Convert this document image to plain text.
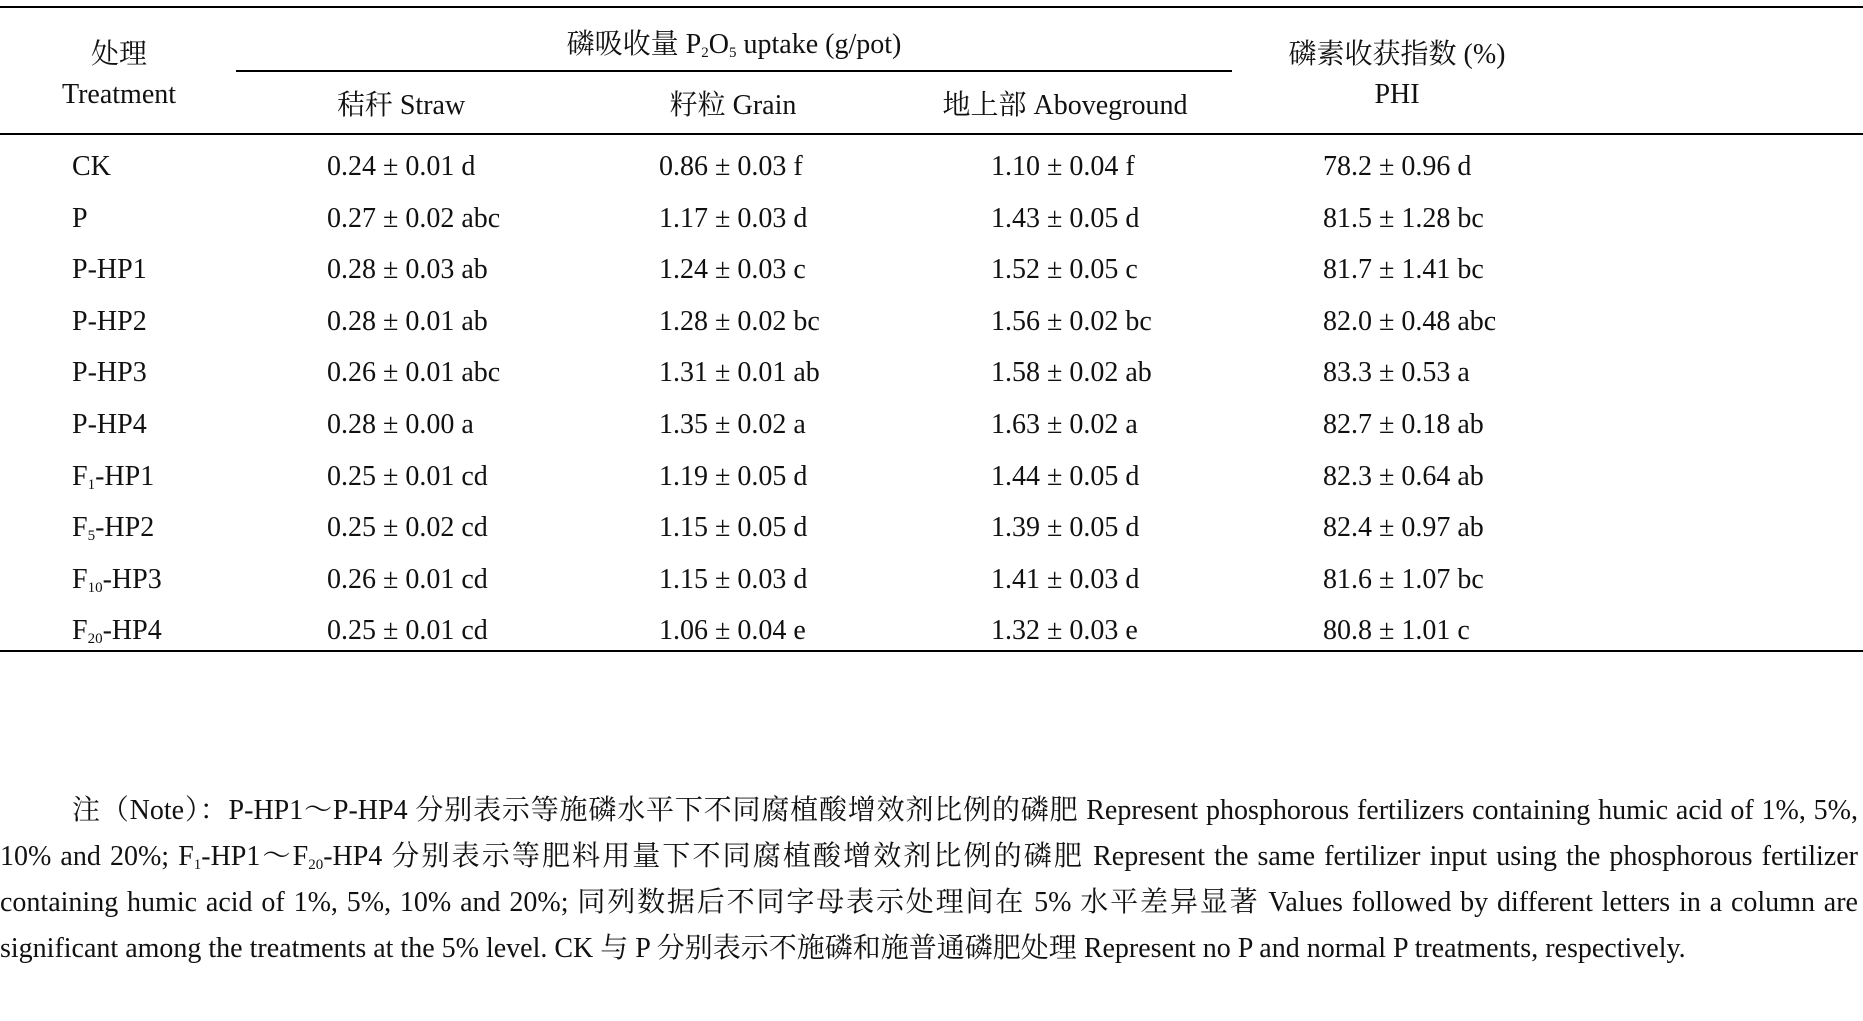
处理
Treatment
磷吸收量 $P_2O_5$ uptake (g/pot)
秸秆 Straw	籽粒 Grain	地上部 Aboveground
磷素收获指数 (%)
PHI
CK	0.24 ± 0.01 d	0.86 ± 0.03 f	1.10 ± 0.04 f	78.2 ± 0.96 d
P	0.27 ± 0.02 abc	1.17 ± 0.03 d	1.43 ± 0.05 d	81.5 ± 1.28 bc
P-HP1	0.28 ± 0.03 ab	1.24 ± 0.03 c	1.52 ± 0.05 c	81.7 ± 1.41 bc
P-HP2	0.28 ± 0.01 ab	1.28 ± 0.02 bc	1.56 ± 0.02 bc	82.0 ± 0.48 abc
P-HP3	0.26 ± 0.01 abc	1.31 ± 0.01 ab	1.58 ± 0.02 ab	83.3 ± 0.53 a
P-HP4	0.28 ± 0.00 a	1.35 ± 0.02 a	1.63 ± 0.02 a	82.7 ± 0.18 ab
$F_1-HP1$	0.25 ± 0.01 cd	1.19 ± 0.05 d	1.44 ± 0.05 d	82.3 ± 0.64 ab
$F_5-HP2$	0.25 ± 0.02 cd	1.15 ± 0.05 d	1.39 ± 0.05 d	82.4 ± 0.97 ab
$F_{10}-HP3$	0.26 ± 0.01 cd	1.15 ± 0.03 d	1.41 ± 0.03 d	81.6 ± 1.07 bc
$F_{20}-HP4$	0.25 ± 0.01 cd	1.06 ± 0.04 e	1.32 ± 0.03 e	80.8 ± 1.01 c

注（Note）：P-HP1～P-HP4 分别表示等施磷水平下不同腐植酸增效剂比例的磷肥 Represent phosphorous fertilizers containing humic acid of 1%, 5%, 10% and 20%; $F_1-HP1\sim F_{20}-HP4$ 分别表示等肥料用量下不同腐植酸增效剂比例的磷肥 Represent the same fertilizer input using the phosphorous fertilizer containing humic acid of 1%, 5%, 10% and 20%; 同列数据后不同字母表示处理间在 5% 水平差异显著 Values followed by different letters in a column are significant among the treatments at the 5% level. CK 与 P 分别表示不施磷和施普通磷肥处理 Represent no P and normal P treatments, respectively.
